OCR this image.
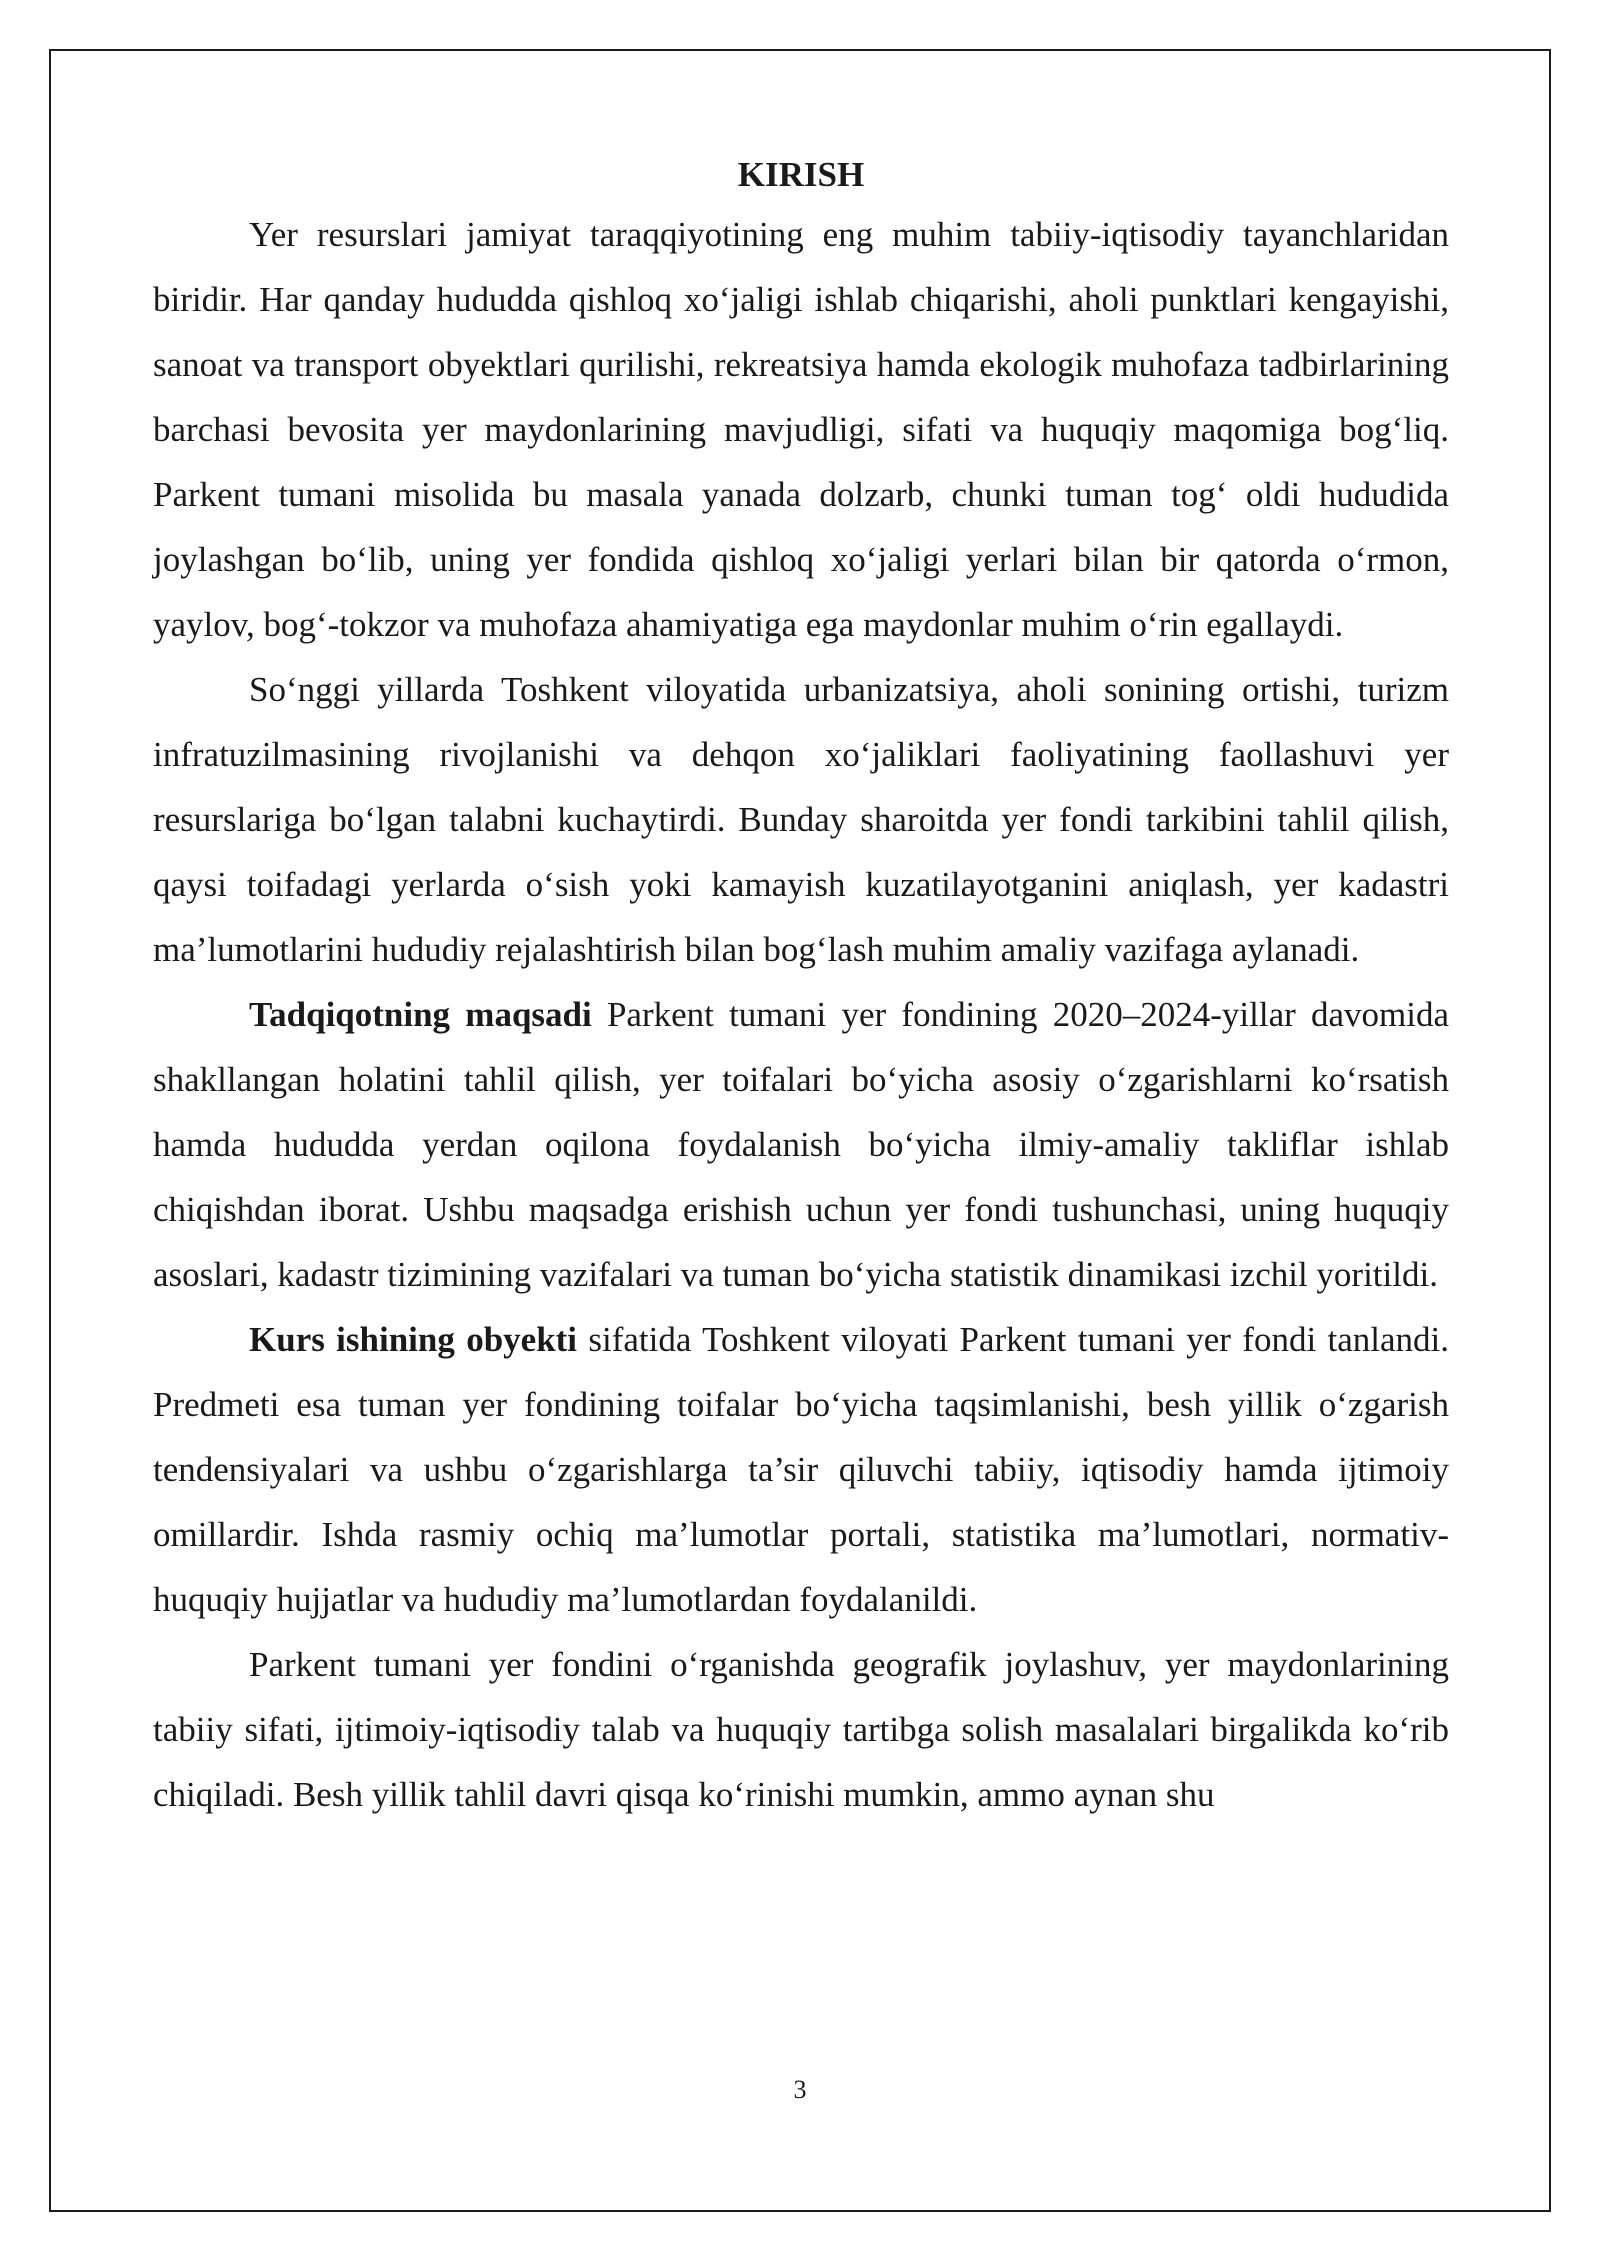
KIRISH

Yer resurslari jamiyat taraqqiyotining eng muhim tabiiy-iqtisodiy tayanchlaridan biridir. Har qanday hududda qishloq xo‘jaligi ishlab chiqarishi, aholi punktlari kengayishi, sanoat va transport obyektlari qurilishi, rekreatsiya hamda ekologik muhofaza tadbirlarining barchasi bevosita yer maydonlarining mavjudligi, sifati va huquqiy maqomiga bog‘liq. Parkent tumani misolida bu masala yanada dolzarb, chunki tuman tog‘ oldi hududida joylashgan bo‘lib, uning yer fondida qishloq xo‘jaligi yerlari bilan bir qatorda o‘rmon, yaylov, bog‘-tokzor va muhofaza ahamiyatiga ega maydonlar muhim o‘rin egallaydi.

So‘nggi yillarda Toshkent viloyatida urbanizatsiya, aholi sonining ortishi, turizm infratuzilmasining rivojlanishi va dehqon xo‘jaliklari faoliyatining faollashuvi yer resurslariga bo‘lgan talabni kuchaytirdi. Bunday sharoitda yer fondi tarkibini tahlil qilish, qaysi toifadagi yerlarda o‘sish yoki kamayish kuzatilayotganini aniqlash, yer kadastri ma’lumotlarini hududiy rejalashtirish bilan bog‘lash muhim amaliy vazifaga aylanadi.

Tadqiqotning maqsadi Parkent tumani yer fondining 2020–2024-yillar davomida shakllangan holatini tahlil qilish, yer toifalari bo‘yicha asosiy o‘zgarishlarni ko‘rsatish hamda hududda yerdan oqilona foydalanish bo‘yicha ilmiy-amaliy takliflar ishlab chiqishdan iborat. Ushbu maqsadga erishish uchun yer fondi tushunchasi, uning huquqiy asoslari, kadastr tizimining vazifalari va tuman bo‘yicha statistik dinamikasi izchil yoritildi.

Kurs ishining obyekti sifatida Toshkent viloyati Parkent tumani yer fondi tanlandi. Predmeti esa tuman yer fondining toifalar bo‘yicha taqsimlanishi, besh yillik o‘zgarish tendensiyalari va ushbu o‘zgarishlarga ta’sir qiluvchi tabiiy, iqtisodiy hamda ijtimoiy omillardir. Ishda rasmiy ochiq ma’lumotlar portali, statistika ma’lumotlari, normativ-huquqiy hujjatlar va hududiy ma’lumotlardan foydalanildi.

Parkent tumani yer fondini o‘rganishda geografik joylashuv, yer maydonlarining tabiiy sifati, ijtimoiy-iqtisodiy talab va huquqiy tartibga solish masalalari birgalikda ko‘rib chiqiladi. Besh yillik tahlil davri qisqa ko‘rinishi mumkin, ammo aynan shu

3
